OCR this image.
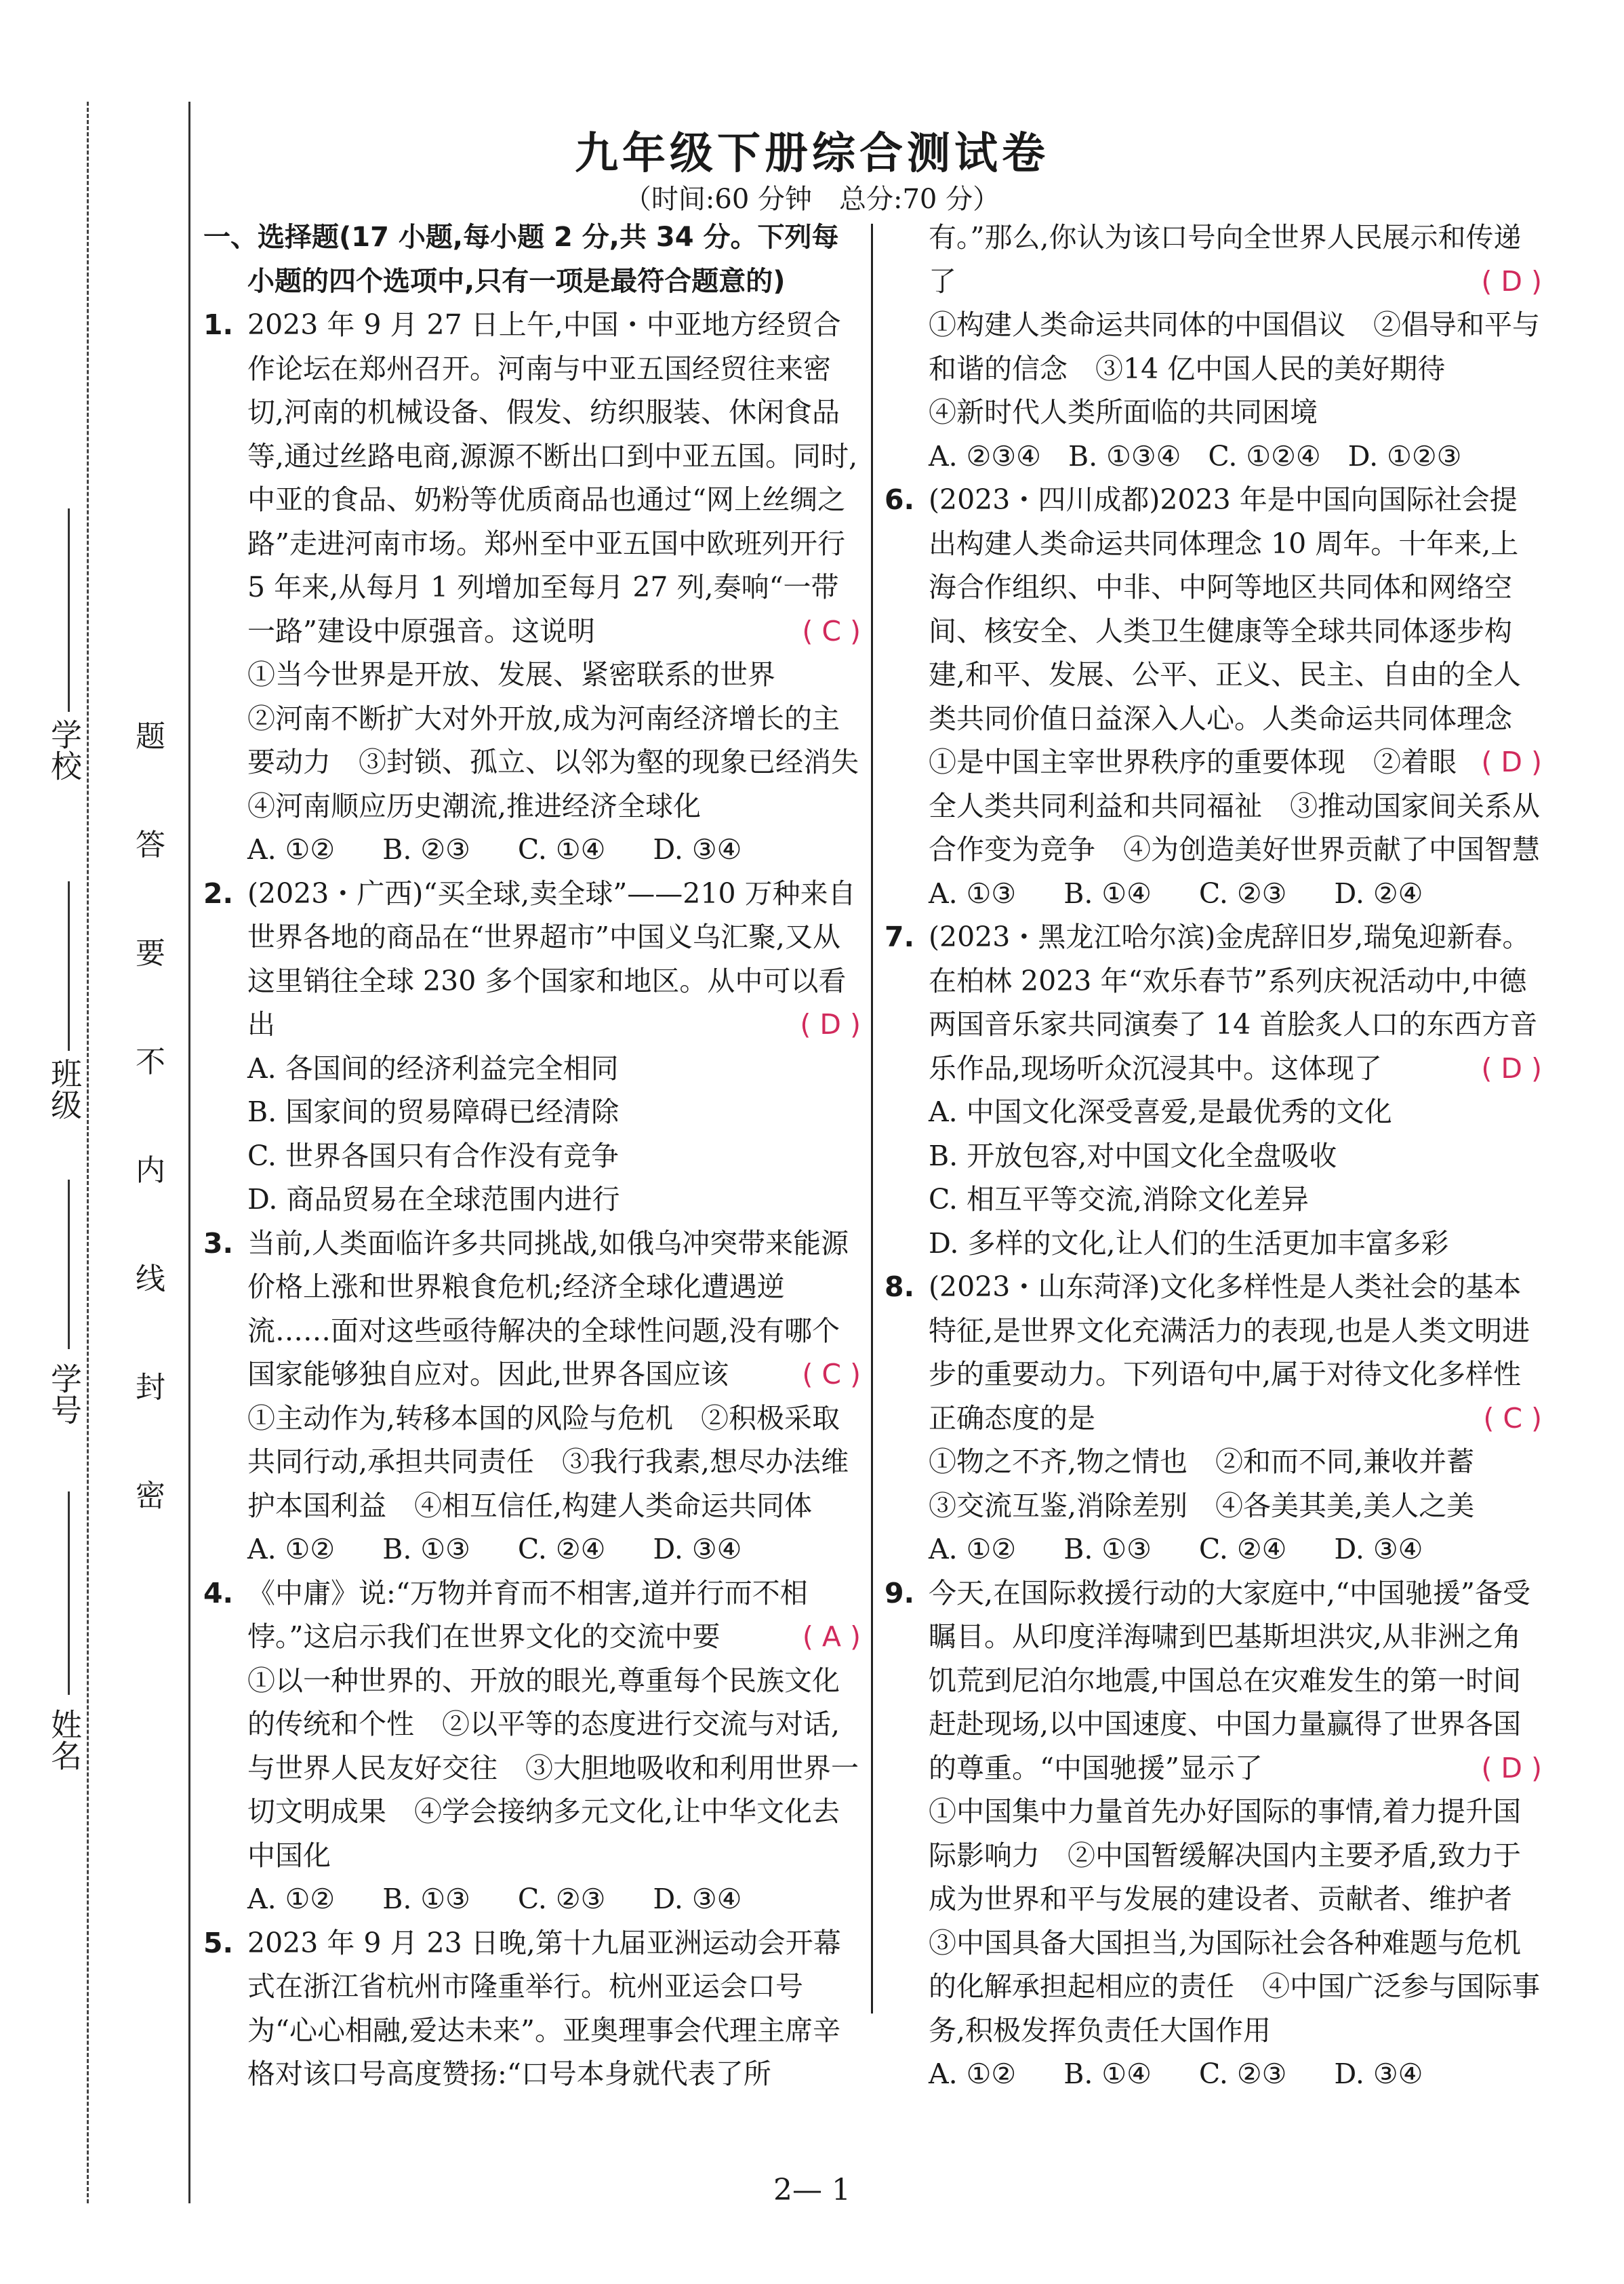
学校
班级
学号
姓名
密
封
线
内
不
要
答
题
九年级下册综合测试卷
（时间:60 分钟　总分:70 分）
一、选择题(17 小题,每小题 2 分,共 34 分。下列每
小题的四个选项中,只有一项是最符合题意的)
1. 2023 年 9 月 27 日上午,中国・中亚地方经贸合作论坛在郑州召开。河南与中亚五国经贸往来密切,河南的机械设备、假发、纺织服装、休闲食品等,通过丝路电商,源源不断出口到中亚五国。同时,中亚的食品、奶粉等优质商品也通过“网上丝绸之路”走进河南市场。郑州至中亚五国中欧班列开行 5 年来,从每月 1 列增加至每月 27 列,奏响“一带一路”建设中原强音。这说明	( C )

①当今世界是开放、发展、紧密联系的世界

②河南不断扩大对外开放,成为河南经济增长的主要动力　③封锁、孤立、以邻为壑的现象已经消失　④河南顺应历史潮流,推进经济全球化

A. ①② B. ②③ C. ①④ D. ③④
2. (2023・广西)“买全球,卖全球”——210 万种来自世界各地的商品在“世界超市”中国义乌汇聚,又从这里销往全球 230 多个国家和地区。从中可以看出	( D )

A. 各国间的经济利益完全相同

B. 国家间的贸易障碍已经清除

C. 世界各国只有合作没有竞争

D. 商品贸易在全球范围内进行

3. 当前,人类面临许多共同挑战,如俄乌冲突带来能源价格上涨和世界粮食危机;经济全球化遭遇逆流……面对这些亟待解决的全球性问题,没有哪个国家能够独自应对。因此,世界各国应该	( C )

①主动作为,转移本国的风险与危机　②积极采取共同行动,承担共同责任　③我行我素,想尽办法维护本国利益　④相互信任,构建人类命运共同体

A. ①② B. ①③ C. ②④ D. ③④
4. 《中庸》说:“万物并育而不相害,道并行而不相悖。”这启示我们在世界文化的交流中要	( A )

①以一种世界的、开放的眼光,尊重每个民族文化的传统和个性　②以平等的态度进行交流与对话,与世界人民友好交往　③大胆地吸收和利用世界一切文明成果　④学会接纳多元文化,让中华文化去中国化

A. ①② B. ①③ C. ②③ D. ③④
5. 2023 年 9 月 23 日晚,第十九届亚洲运动会开幕式在浙江省杭州市隆重举行。杭州亚运会口号为“心心相融,爱达未来”。亚奥理事会代理主席辛格对该口号高度赞扬:“口号本身就代表了所

有。”那么,你认为该口号向全世界人民展示和传递了	( D )

①构建人类命运共同体的中国倡议　②倡导和平与和谐的信念　③14 亿中国人民的美好期待

④新时代人类所面临的共同困境

A. ②③④ B. ①③④ C. ①②④ D. ①②③
6. (2023・四川成都)2023 年是中国向国际社会提出构建人类命运共同体理念 10 周年。十年来,上海合作组织、中非、中阿等地区共同体和网络空间、核安全、人类卫生健康等全球共同体逐步构建,和平、发展、公平、正义、民主、自由的全人类共同价值日益深入人心。人类命运共同体理念
( D )

①是中国主宰世界秩序的重要体现　②着眼全人类共同利益和共同福祉　③推动国家间关系从合作变为竞争　④为创造美好世界贡献了中国智慧

A. ①③ B. ①④ C. ②③ D. ②④
7. (2023・黑龙江哈尔滨)金虎辞旧岁,瑞兔迎新春。在柏林 2023 年“欢乐春节”系列庆祝活动中,中德两国音乐家共同演奏了 14 首脍炙人口的东西方音乐作品,现场听众沉浸其中。这体现了	( D )

A. 中国文化深受喜爱,是最优秀的文化

B. 开放包容,对中国文化全盘吸收

C. 相互平等交流,消除文化差异

D. 多样的文化,让人们的生活更加丰富多彩

8. (2023・山东菏泽)文化多样性是人类社会的基本特征,是世界文化充满活力的表现,也是人类文明进步的重要动力。下列语句中,属于对待文化多样性正确态度的是	( C )

①物之不齐,物之情也　②和而不同,兼收并蓄

③交流互鉴,消除差别　④各美其美,美人之美

A. ①② B. ①③ C. ②④ D. ③④
9. 今天,在国际救援行动的大家庭中,“中国驰援”备受瞩目。从印度洋海啸到巴基斯坦洪灾,从非洲之角饥荒到尼泊尔地震,中国总在灾难发生的第一时间赶赴现场,以中国速度、中国力量赢得了世界各国的尊重。“中国驰援”显示了	( D )

①中国集中力量首先办好国际的事情,着力提升国际影响力　②中国暂缓解决国内主要矛盾,致力于成为世界和平与发展的建设者、贡献者、维护者　③中国具备大国担当,为国际社会各种难题与危机的化解承担起相应的责任　④中国广泛参与国际事务,积极发挥负责任大国作用

A. ①② B. ①④ C. ②③ D. ③④
2— 1
